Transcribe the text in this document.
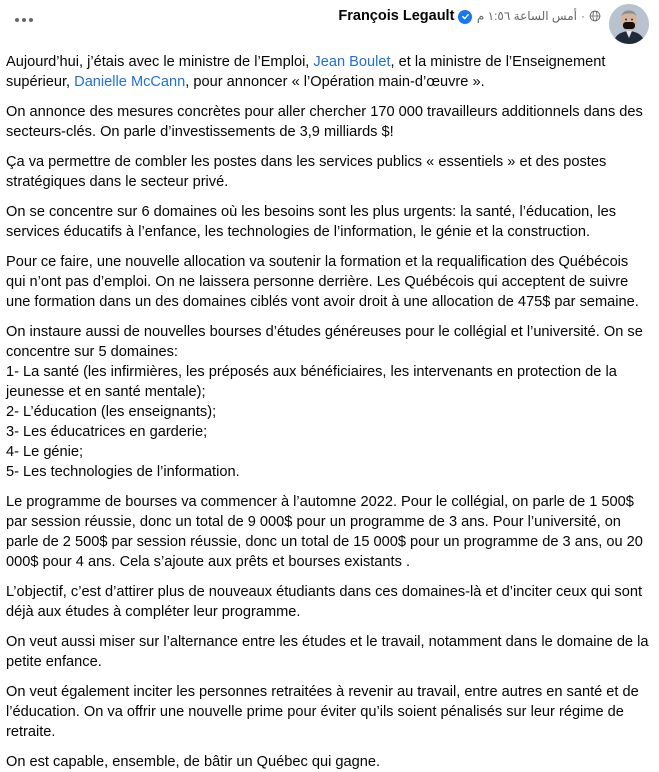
François Legault
أمس الساعة ١:٥٦ م ·

Aujourd’hui, j’étais avec le ministre de l’Emploi, Jean Boulet, et la ministre de l’Enseignement supérieur, Danielle McCann, pour annoncer « l’Opération main-d’œuvre ».

On annonce des mesures concrètes pour aller chercher 170 000 travailleurs additionnels dans des secteurs-clés. On parle d’investissements de 3,9 milliards $!

Ça va permettre de combler les postes dans les services publics « essentiels » et des postes stratégiques dans le secteur privé.

On se concentre sur 6 domaines où les besoins sont les plus urgents: la santé, l’éducation, les services éducatifs à l’enfance, les technologies de l’information, le génie et la construction.

Pour ce faire, une nouvelle allocation va soutenir la formation et la requalification des Québécois qui n’ont pas d’emploi. On ne laissera personne derrière. Les Québécois qui acceptent de suivre une formation dans un des domaines ciblés vont avoir droit à une allocation de 475$ par semaine.

On instaure aussi de nouvelles bourses d’études généreuses pour le collégial et l’université. On se concentre sur 5 domaines:
1- La santé (les infirmières, les préposés aux bénéficiaires, les intervenants en protection de la jeunesse et en santé mentale);
2- L’éducation (les enseignants);
3- Les éducatrices en garderie;
4- Le génie;
5- Les technologies de l’information.

Le programme de bourses va commencer à l’automne 2022. Pour le collégial, on parle de 1 500$ par session réussie, donc un total de 9 000$ pour un programme de 3 ans. Pour l’université, on parle de 2 500$ par session réussie, donc un total de 15 000$ pour un programme de 3 ans, ou 20 000$ pour 4 ans. Cela s’ajoute aux prêts et bourses existants .

L’objectif, c’est d’attirer plus de nouveaux étudiants dans ces domaines-là et d’inciter ceux qui sont déjà aux études à compléter leur programme.

On veut aussi miser sur l’alternance entre les études et le travail, notamment dans le domaine de la petite enfance.

On veut également inciter les personnes retraitées à revenir au travail, entre autres en santé et de l’éducation. On va offrir une nouvelle prime pour éviter qu’ils soient pénalisés sur leur régime de retraite.

On est capable, ensemble, de bâtir un Québec qui gagne.
